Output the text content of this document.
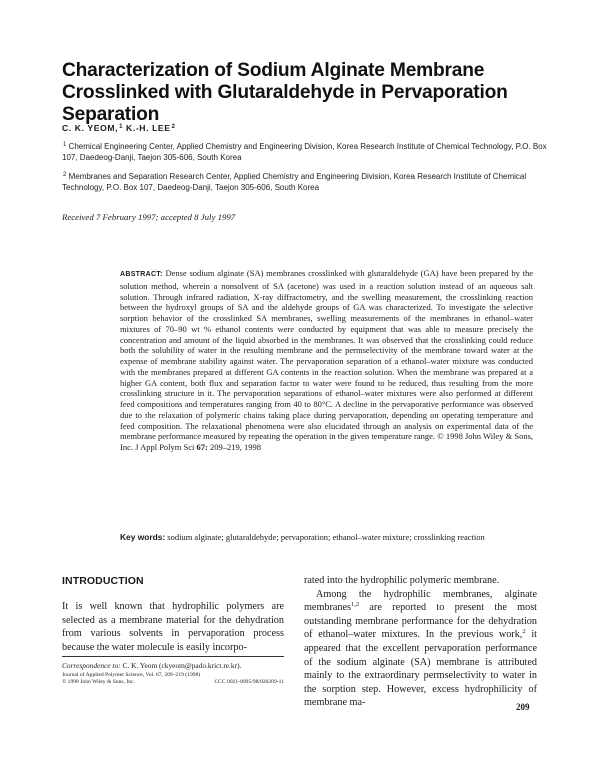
Characterization of Sodium Alginate Membrane Crosslinked with Glutaraldehyde in Pervaporation Separation
C. K. YEOM,$^1$ K.-H. LEE$^2$
$^1$ Chemical Engineering Center, Applied Chemistry and Engineering Division, Korea Research Institute of Chemical Technology, P.O. Box 107, Daedeog-Danji, Taejon 305-606, South Korea
$^2$ Membranes and Separation Research Center, Applied Chemistry and Engineering Division, Korea Research Institute of Chemical Technology, P.O. Box 107, Daedeog-Danji, Taejon 305-606, South Korea
Received 7 February 1997; accepted 8 July 1997
ABSTRACT: Dense sodium alginate (SA) membranes crosslinked with glutaraldehyde (GA) have been prepared by the solution method, wherein a nonsolvent of SA (acetone) was used in a reaction solution instead of an aqueous salt solution. Through infrared radiation, X-ray diffractometry, and the swelling measurement, the crosslinking reaction between the hydroxyl groups of SA and the aldehyde groups of GA was characterized. To investigate the selective sorption behavior of the crosslinked SA membranes, swelling measurements of the membranes in ethanol–water mixtures of 70–90 wt % ethanol contents were conducted by equipment that was able to measure precisely the concentration and amount of the liquid absorbed in the membranes. It was observed that the crosslinking could reduce both the solubility of water in the resulting membrane and the permselectivity of the membrane toward water at the expense of membrane stability against water. The pervaporation separation of a ethanol–water mixture was conducted with the membranes prepared at different GA contents in the reaction solution. When the membrane was prepared at a higher GA content, both flux and separation factor to water were found to be reduced, thus resulting from the more crosslinking structure in it. The pervaporation separations of ethanol–water mixtures were also performed at different feed compositions and temperatures ranging from 40 to 80°C. A decline in the pervaporative performance was observed due to the relaxation of polymeric chains taking place during pervaporation, depending on operating temperature and feed composition. The relaxational phenomena were also elucidated through an analysis on experimental data of the membrane performance measured by repeating the operation in the given temperature range. © 1998 John Wiley & Sons, Inc. J Appl Polym Sci 67: 209–219, 1998
Key words: sodium alginate; glutaraldehyde; pervaporation; ethanol–water mixture; crosslinking reaction
INTRODUCTION
It is well known that hydrophilic polymers are selected as a membrane material for the dehydration from various solvents in pervaporation process because the water molecule is easily incorpo-
Correspondence to: C. K. Yeom (ckyeom@pado.krict.re.kr).
Journal of Applied Polymer Science, Vol. 67, 209–219 (1998)
© 1998 John Wiley & Sons, Inc.	CCC 0021-8995/98/020209-11
rated into the hydrophilic polymeric membrane.
Among the hydrophilic membranes, alginate membranes$^{1,2}$ are reported to present the most outstanding membrane performance for the dehydration of ethanol–water mixtures. In the previous work,$^2$ it appeared that the excellent pervaporation performance of the sodium alginate (SA) membrane is attributed mainly to the extraordinary permselectivity to water in the sorption step. However, excess hydrophilicity of membrane ma-	209
